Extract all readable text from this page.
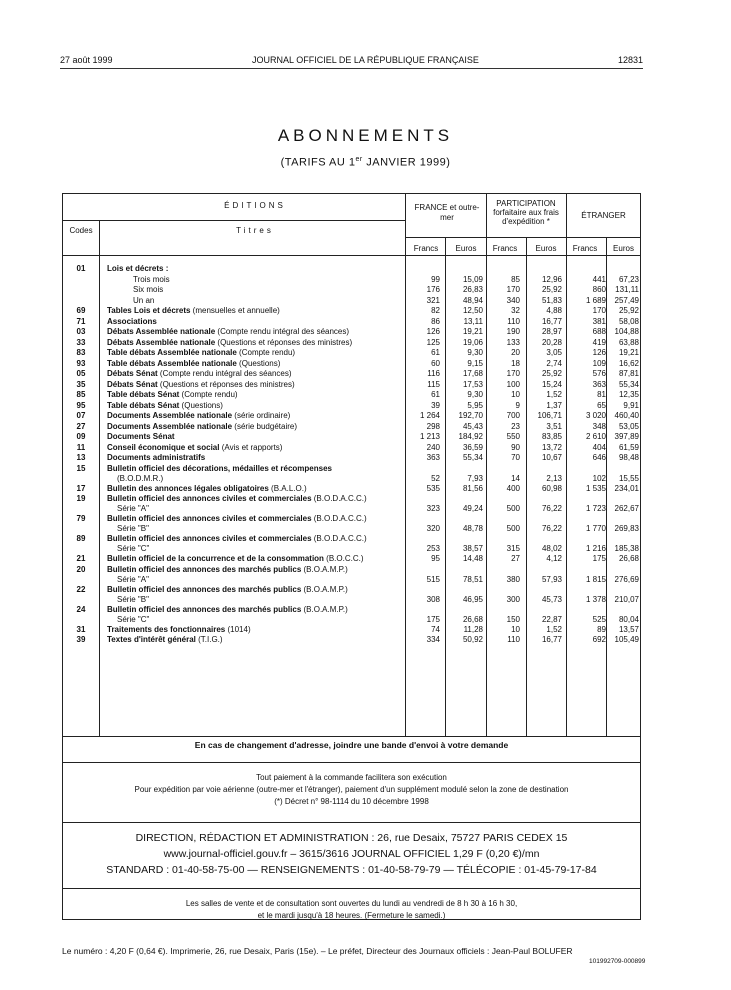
27 août 1999	JOURNAL OFFICIEL DE LA RÉPUBLIQUE FRANÇAISE	12831
ABONNEMENTS
(TARIFS AU 1er JANVIER 1999)
ÉDITIONS
Codes	Titres
FRANCE et outre-mer
PARTICIPATION forfaitaire aux frais d'expédition *
ÉTRANGER
Francs	Euros	Francs	Euros	Francs	Euros
01	Lois et décrets :
Trois mois	99	15,09	85	12,96	441	67,23
Six mois	176	26,83	170	25,92	860	131,11
Un an	321	48,94	340	51,83	1 689	257,49
69	Tables Lois et décrets (mensuelles et annuelle)	82	12,50	32	4,88	170	25,92
71	Associations	86	13,11	110	16,77	381	58,08
03	Débats Assemblée nationale (Compte rendu intégral des séances)	126	19,21	190	28,97	688	104,88
33	Débats Assemblée nationale (Questions et réponses des ministres)	125	19,06	133	20,28	419	63,88
83	Table débats Assemblée nationale (Compte rendu)	61	9,30	20	3,05	126	19,21
93	Table débats Assemblée nationale (Questions)	60	9,15	18	2,74	109	16,62
05	Débats Sénat (Compte rendu intégral des séances)	116	17,68	170	25,92	576	87,81
35	Débats Sénat (Questions et réponses des ministres)	115	17,53	100	15,24	363	55,34
85	Table débats Sénat (Compte rendu)	61	9,30	10	1,52	81	12,35
95	Table débats Sénat (Questions)	39	5,95	9	1,37	65	9,91
07	Documents Assemblée nationale (série ordinaire)	1 264	192,70	700	106,71	3 020	460,40
27	Documents Assemblée nationale (série budgétaire)	298	45,43	23	3,51	348	53,05
09	Documents Sénat	1 213	184,92	550	83,85	2 610	397,89
11	Conseil économique et social (Avis et rapports)	240	36,59	90	13,72	404	61,59
13	Documents administratifs	363	55,34	70	10,67	646	98,48
15	Bulletin officiel des décorations, médailles et récompenses
(B.O.D.M.R.)	52	7,93	14	2,13	102	15,55
17	Bulletin des annonces légales obligatoires (B.A.L.O.)	535	81,56	400	60,98	1 535	234,01
19	Bulletin officiel des annonces civiles et commerciales (B.O.D.A.C.C.)
Série "A"	323	49,24	500	76,22	1 723	262,67
79	Bulletin officiel des annonces civiles et commerciales (B.O.D.A.C.C.)
Série "B"	320	48,78	500	76,22	1 770	269,83
89	Bulletin officiel des annonces civiles et commerciales (B.O.D.A.C.C.)
Série "C"	253	38,57	315	48,02	1 216	185,38
21	Bulletin officiel de la concurrence et de la consommation (B.O.C.C.)	95	14,48	27	4,12	175	26,68
20	Bulletin officiel des annonces des marchés publics (B.O.A.M.P.)
Série "A"	515	78,51	380	57,93	1 815	276,69
22	Bulletin officiel des annonces des marchés publics (B.O.A.M.P.)
Série "B"	308	46,95	300	45,73	1 378	210,07
24	Bulletin officiel des annonces des marchés publics (B.O.A.M.P.)
Série "C"	175	26,68	150	22,87	525	80,04
31	Traitements des fonctionnaires (1014)	74	11,28	10	1,52	89	13,57
39	Textes d'intérêt général (T.I.G.)	334	50,92	110	16,77	692	105,49
En cas de changement d'adresse, joindre une bande d'envoi à votre demande
Tout paiement à la commande facilitera son exécution
Pour expédition par voie aérienne (outre-mer et l'étranger), paiement d'un supplément modulé selon la zone de destination
(*) Décret n° 98-1114 du 10 décembre 1998
DIRECTION, RÉDACTION ET ADMINISTRATION : 26, rue Desaix, 75727 PARIS CEDEX 15
www.journal-officiel.gouv.fr – 3615/3616 JOURNAL OFFICIEL 1,29 F (0,20 €)/mn
STANDARD : 01-40-58-75-00 — RENSEIGNEMENTS : 01-40-58-79-79 — TÉLÉCOPIE : 01-45-79-17-84
Les salles de vente et de consultation sont ouvertes du lundi au vendredi de 8 h 30 à 16 h 30,
et le mardi jusqu'à 18 heures. (Fermeture le samedi.)
Le numéro : 4,20 F (0,64 €). Imprimerie, 26, rue Desaix, Paris (15e). – Le préfet, Directeur des Journaux officiels : Jean-Paul BOLUFER
101992709-000899
